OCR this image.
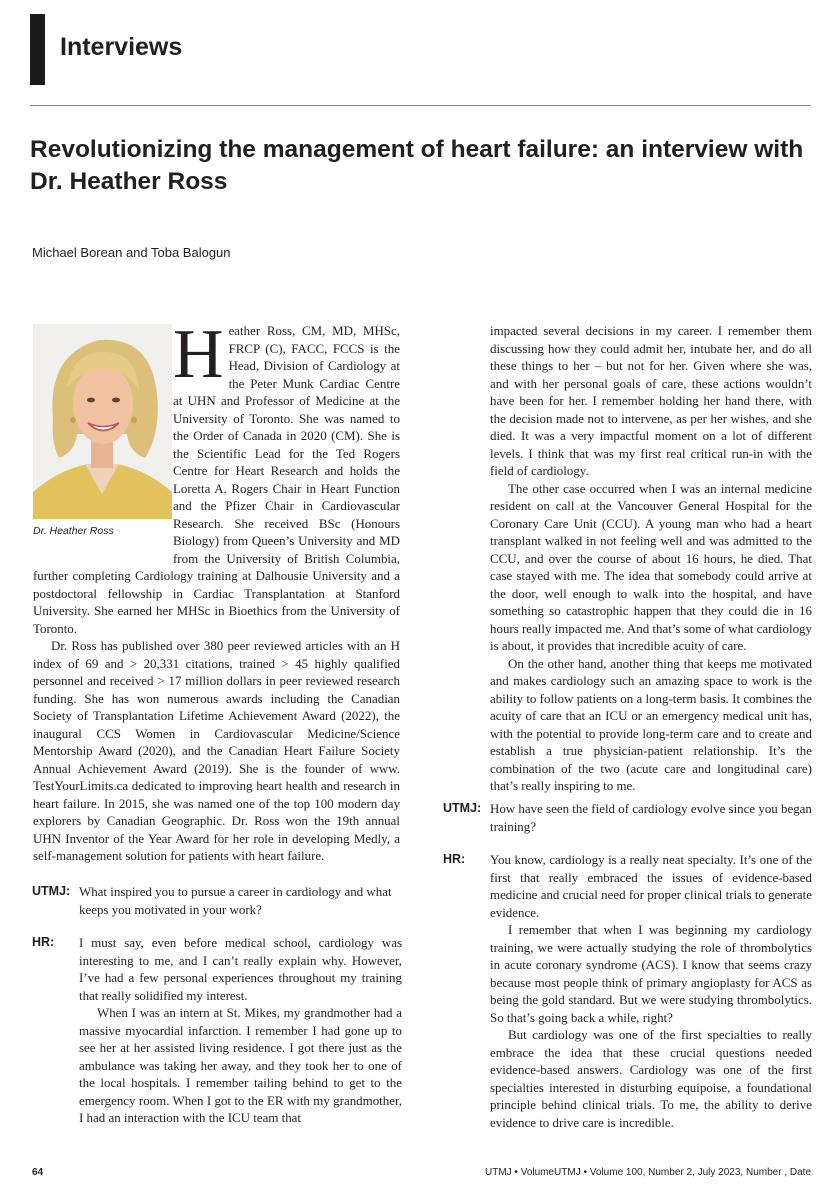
Interviews
Revolutionizing the management of heart failure: an interview with Dr. Heather Ross
Michael Borean and Toba Balogun
Dr. Heather Ross

H eather Ross, CM, MD, MHSc, FRCP (C), FACC, FCCS is the Head, Division of Cardiology at the Peter Munk Cardiac Centre at UHN and Professor of Medicine at the University of Toronto. She was named to the Order of Canada in 2020 (CM). She is the Scientific Lead for the Ted Rogers Centre for Heart Research and holds the Loretta A. Rogers Chair in Heart Function and the Pfizer Chair in Cardiovascular Research. She received BSc (Honours Biology) from Queen’s University and MD from the University of British Columbia, further completing Cardiology training at Dalhousie University and a postdoctoral fellowship in Cardiac Transplantation at Stanford University. She earned her MHSc in Bioethics from the University of Toronto.

Dr. Ross has published over 380 peer reviewed articles with an H index of 69 and > 20,331 citations, trained > 45 highly qualified personnel and received > 17 million dollars in peer reviewed research funding. She has won numerous awards including the Canadian Society of Transplantation Lifetime Achievement Award (2022), the inaugural CCS Women in Cardiovascular Medicine/Science Mentorship Award (2020), and the Canadian Heart Failure Society Annual Achievement Award (2019). She is the founder of www. TestYourLimits.ca dedicated to improving heart health and research in heart failure. In 2015, she was named one of the top 100 modern day explorers by Canadian Geographic. Dr. Ross won the 19th annual UHN Inventor of the Year Award for her role in developing Medly, a self-management solution for patients with heart failure.

UTMJ: What inspired you to pursue a career in cardiology and what keeps you motivated in your work?
HR: I must say, even before medical school, cardiology was interesting to me, and I can’t really explain why. However, I’ve had a few personal experiences throughout my training that really solidified my interest.

When I was an intern at St. Mikes, my grandmother had a massive myocardial infarction. I remember I had gone up to see her at her assisted living residence. I got there just as the ambulance was taking her away, and they took her to one of the local hospitals. I remember tailing behind to get to the emergency room. When I got to the ER with my grandmother, I had an interaction with the ICU team that

impacted several decisions in my career. I remember them discussing how they could admit her, intubate her, and do all these things to her – but not for her. Given where she was, and with her personal goals of care, these actions wouldn’t have been for her. I remember holding her hand there, with the decision made not to intervene, as per her wishes, and she died. It was a very impactful moment on a lot of different levels. I think that was my first real critical run-in with the field of cardiology.

The other case occurred when I was an internal medicine resident on call at the Vancouver General Hospital for the Coronary Care Unit (CCU). A young man who had a heart transplant walked in not feeling well and was admitted to the CCU, and over the course of about 16 hours, he died. That case stayed with me. The idea that somebody could arrive at the door, well enough to walk into the hospital, and have something so catastrophic happen that they could die in 16 hours really impacted me. And that’s some of what cardiology is about, it provides that incredible acuity of care.

On the other hand, another thing that keeps me motivated and makes cardiology such an amazing space to work is the ability to follow patients on a long-term basis. It combines the acuity of care that an ICU or an emergency medical unit has, with the potential to provide long-term care and to create and establish a true physician-patient relationship. It’s the combination of the two (acute care and longitudinal care) that’s really inspiring to me.

UTMJ: How have seen the field of cardiology evolve since you began training?
HR: You know, cardiology is a really neat specialty. It’s one of the first that really embraced the issues of evidence-based medicine and crucial need for proper clinical trials to generate evidence.

I remember that when I was beginning my cardiology training, we were actually studying the role of thrombolytics in acute coronary syndrome (ACS). I know that seems crazy because most people think of primary angioplasty for ACS as being the gold standard. But we were studying thrombolytics. So that’s going back a while, right?

But cardiology was one of the first specialties to really embrace the idea that these crucial questions needed evidence-based answers. Cardiology was one of the first specialties interested in disturbing equipoise, a foundational principle behind clinical trials. To me, the ability to derive evidence to drive care is incredible.

64	UTMJ • VolumeUTMJ • Volume 100, Number 2, July 2023, Number , Date
